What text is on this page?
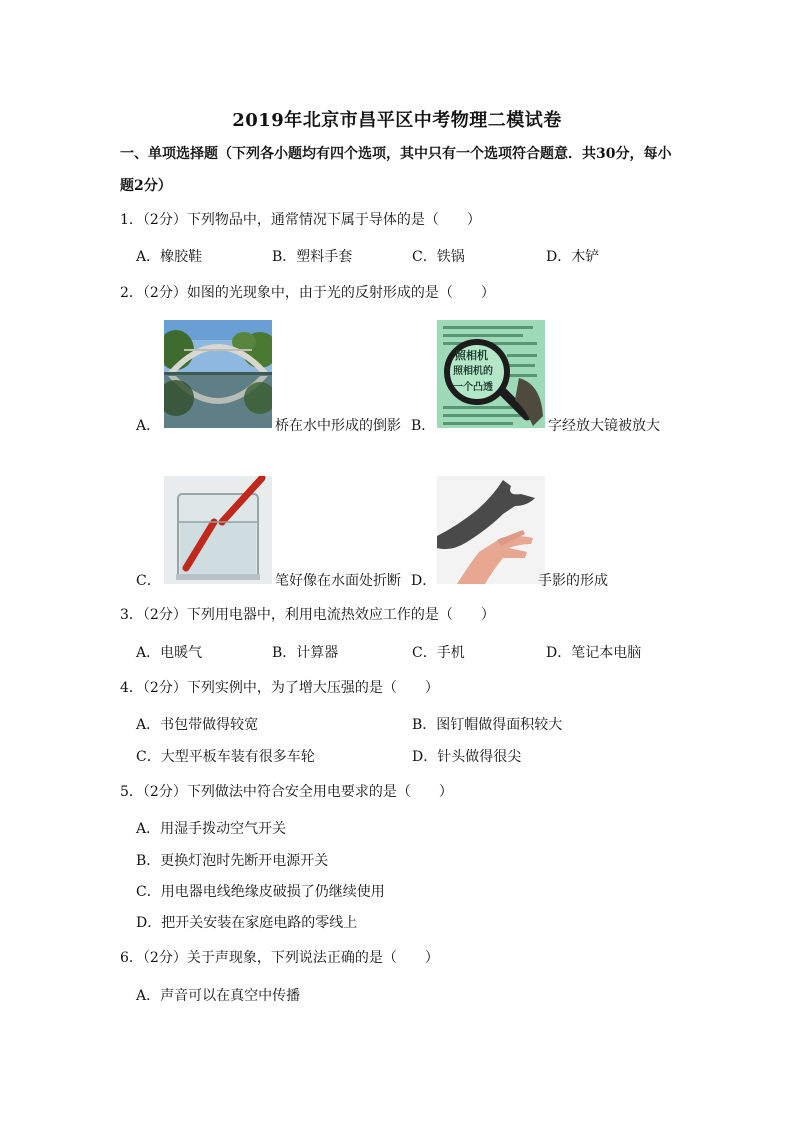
2019年北京市昌平区中考物理二模试卷
一、单项选择题（下列各小题均有四个选项，其中只有一个选项符合题意．共30分，每小题2分）
1．（2分）下列物品中，通常情况下属于导体的是（　　）
A．橡胶鞋	B．塑料手套	C．铁锅	D．木铲
2．（2分）如图的光现象中，由于光的反射形成的是（　　）
A．	桥在水中形成的倒影 B．
照相机
照相机的
一个凸透
字经放大镜被放大
C．	笔好像在水面处折断 D．	手影的形成
3．（2分）下列用电器中，利用电流热效应工作的是（　　）
A．电暖气	B．计算器	C．手机	D．笔记本电脑
4．（2分）下列实例中，为了增大压强的是（　　）
A．书包带做得较宽	B．图钉帽做得面积较大
C．大型平板车装有很多车轮	D．针头做得很尖
5．（2分）下列做法中符合安全用电要求的是（　　）
A．用湿手拨动空气开关
B．更换灯泡时先断开电源开关
C．用电器电线绝缘皮破损了仍继续使用
D．把开关安装在家庭电路的零线上
6．（2分）关于声现象，下列说法正确的是（　　）
A．声音可以在真空中传播
